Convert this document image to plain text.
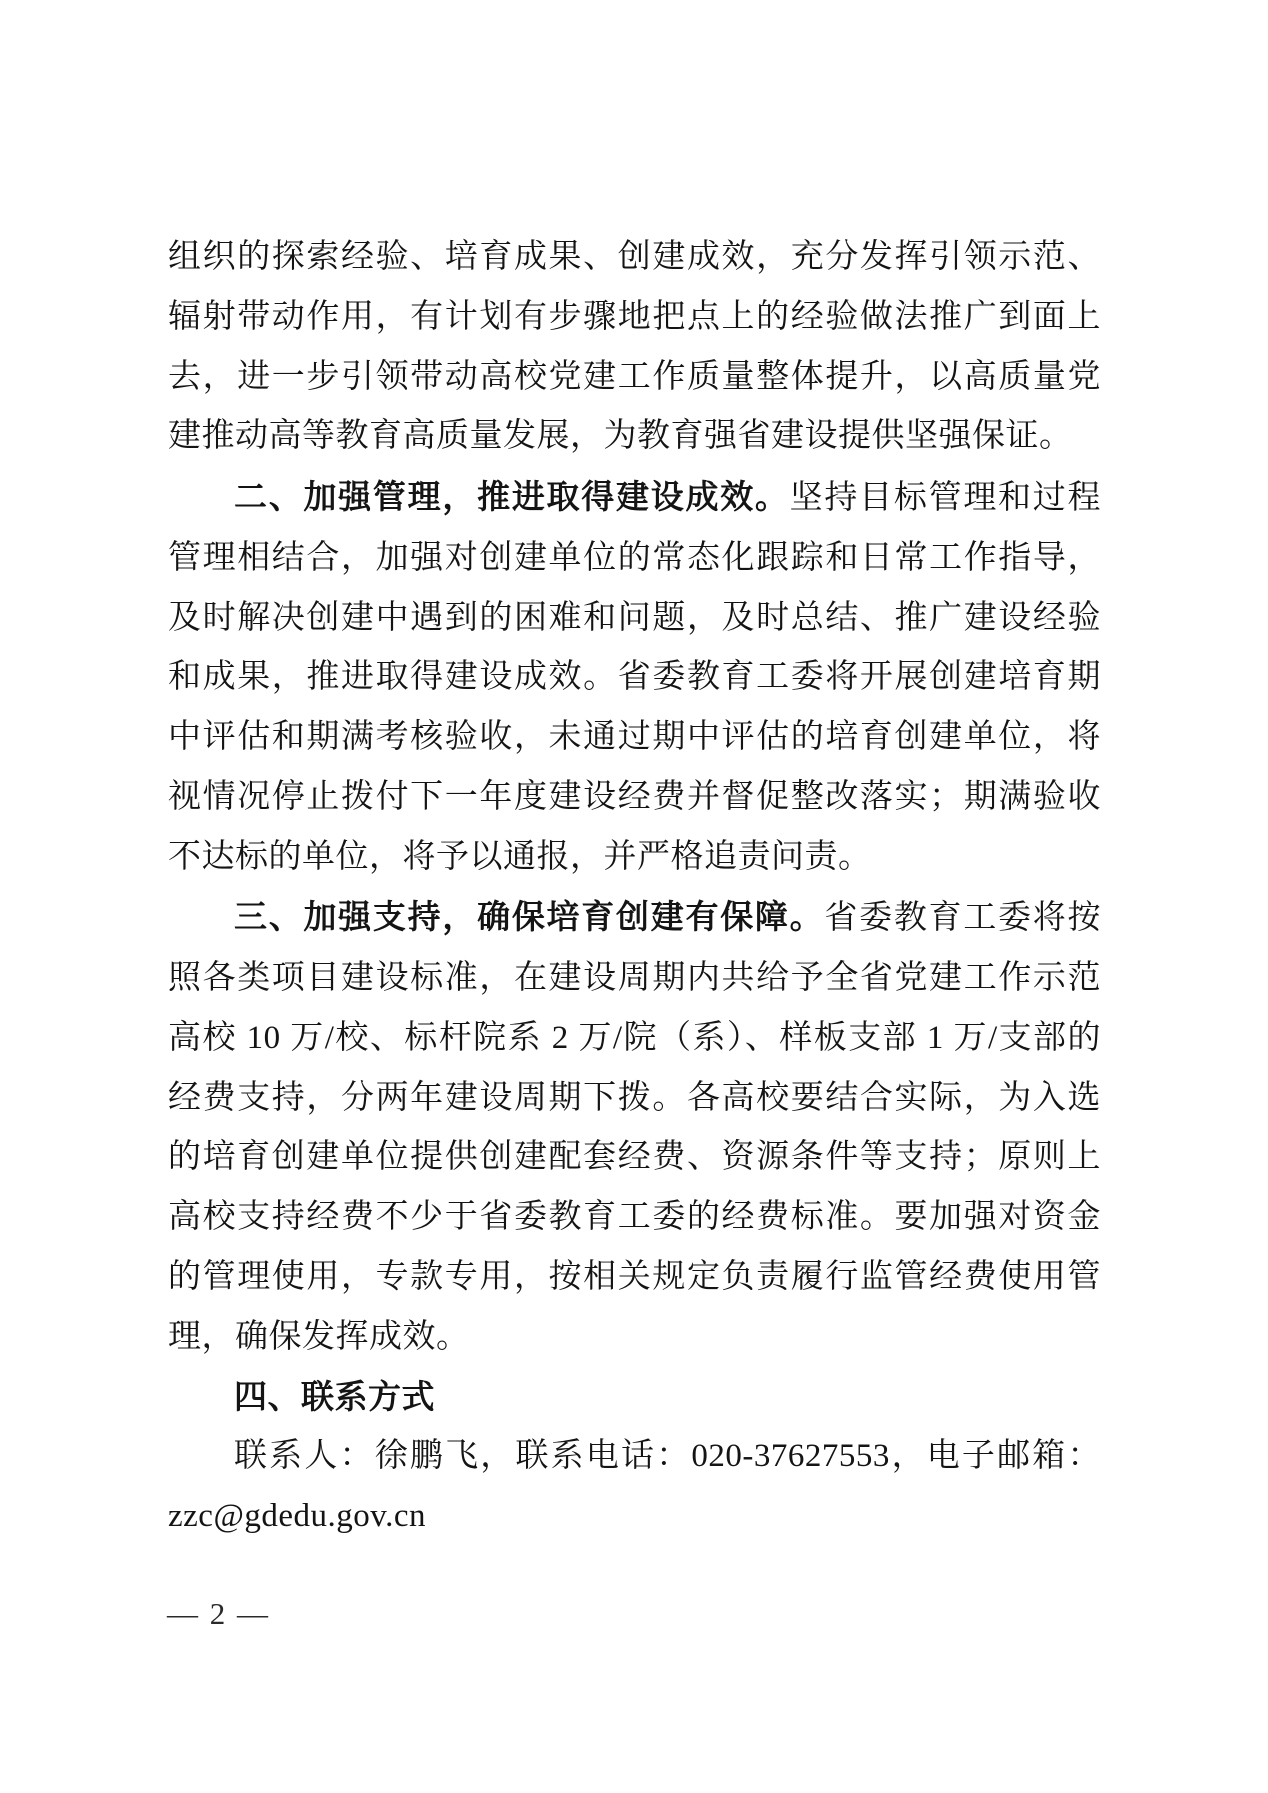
组织的探索经验、培育成果、创建成效，充分发挥引领示范、辐射带动作用，有计划有步骤地把点上的经验做法推广到面上去，进一步引领带动高校党建工作质量整体提升，以高质量党建推动高等教育高质量发展，为教育强省建设提供坚强保证。

二、加强管理，推进取得建设成效。坚持目标管理和过程管理相结合，加强对创建单位的常态化跟踪和日常工作指导，及时解决创建中遇到的困难和问题，及时总结、推广建设经验和成果，推进取得建设成效。省委教育工委将开展创建培育期中评估和期满考核验收，未通过期中评估的培育创建单位，将视情况停止拨付下一年度建设经费并督促整改落实；期满验收不达标的单位，将予以通报，并严格追责问责。

三、加强支持，确保培育创建有保障。省委教育工委将按照各类项目建设标准，在建设周期内共给予全省党建工作示范高校 10 万/校、标杆院系 2 万/院（系）、样板支部 1 万/支部的经费支持，分两年建设周期下拨。各高校要结合实际，为入选的培育创建单位提供创建配套经费、资源条件等支持；原则上高校支持经费不少于省委教育工委的经费标准。要加强对资金的管理使用，专款专用，按相关规定负责履行监管经费使用管理，确保发挥成效。

四、联系方式

联系人：徐鹏飞，联系电话：020-37627553，电子邮箱：zzc@gdedu.gov.cn

— 2 —
